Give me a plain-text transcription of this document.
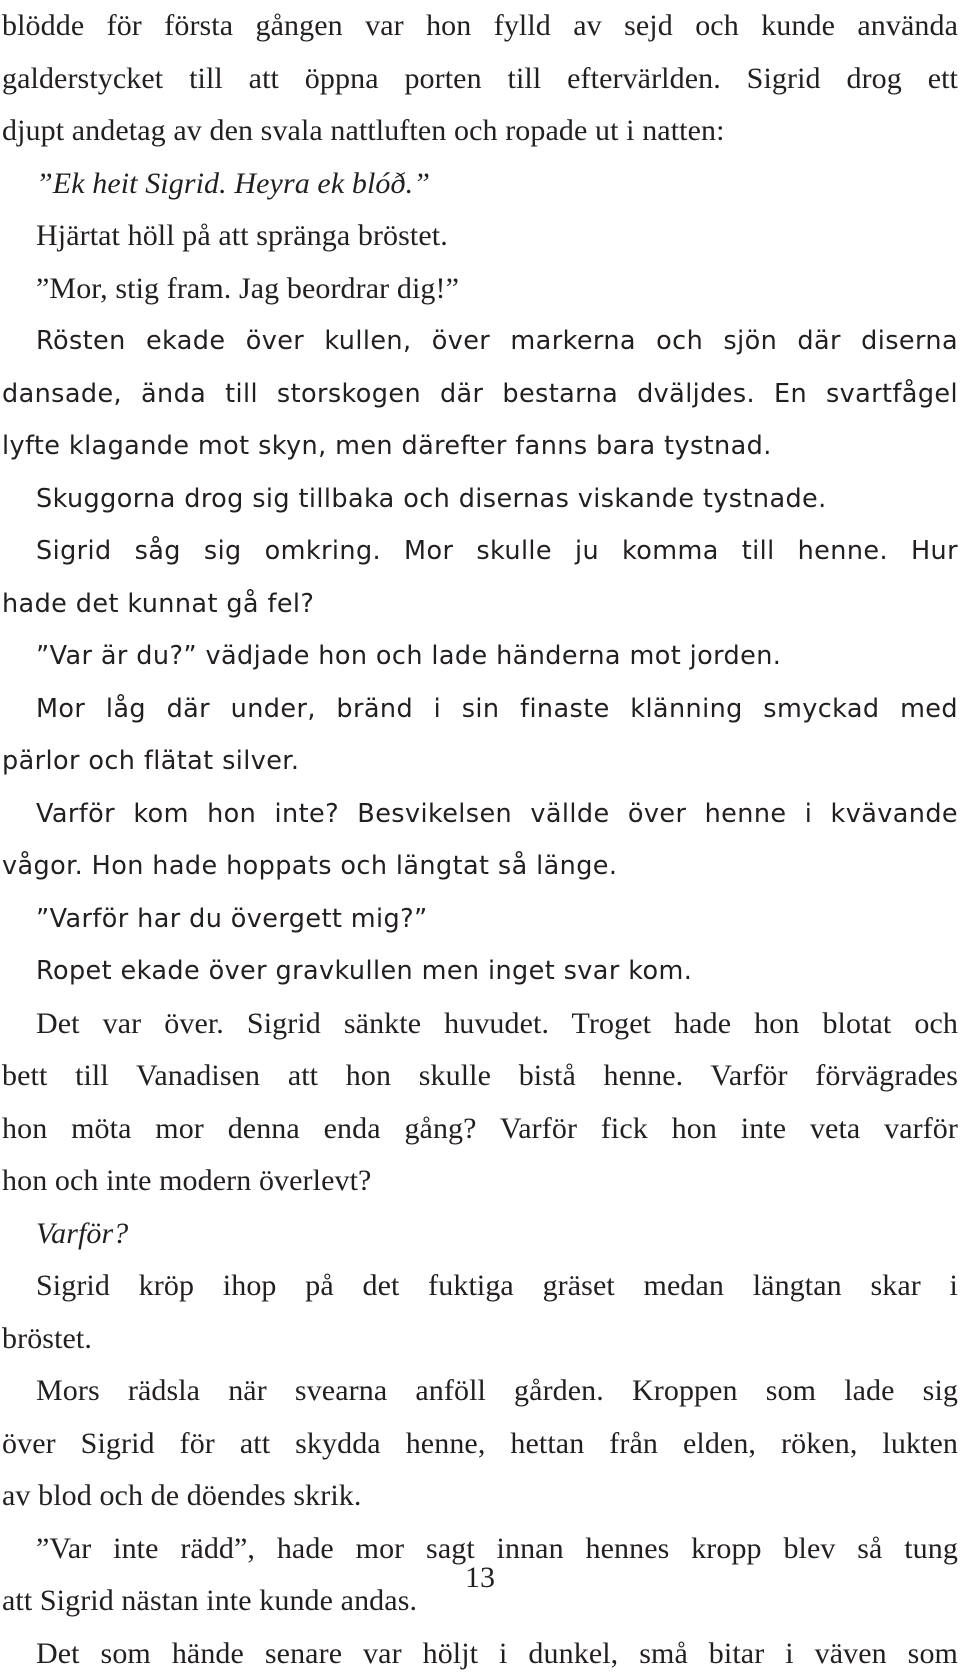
blödde för första gången var hon fylld av sejd och kunde använda
galderstycket till att öppna porten till eftervärlden. Sigrid drog ett
djupt andetag av den svala nattluften och ropade ut i natten:
”Ek heit Sigrid. Heyra ek blóð.”
Hjärtat höll på att spränga bröstet.
”Mor, stig fram. Jag beordrar dig!”
Rösten ekade över kullen, över markerna och sjön där diserna
dansade, ända till storskogen där bestarna dväljdes. En svartfågel
lyfte klagande mot skyn, men därefter fanns bara tystnad.
Skuggorna drog sig tillbaka och disernas viskande tystnade.
Sigrid såg sig omkring. Mor skulle ju komma till henne. Hur
hade det kunnat gå fel?
”Var är du?” vädjade hon och lade händerna mot jorden.
Mor låg där under, bränd i sin finaste klänning smyckad med
pärlor och flätat silver.
Varför kom hon inte? Besvikelsen vällde över henne i kvävande
vågor. Hon hade hoppats och längtat så länge.
”Varför har du övergett mig?”
Ropet ekade över gravkullen men inget svar kom.
Det var över. Sigrid sänkte huvudet. Troget hade hon blotat och
bett till Vanadisen att hon skulle bistå henne. Varför förvägrades
hon möta mor denna enda gång? Varför fick hon inte veta varför
hon och inte modern överlevt?
Varför?
Sigrid kröp ihop på det fuktiga gräset medan längtan skar i
bröstet.
Mors rädsla när svearna anföll gården. Kroppen som lade sig
över Sigrid för att skydda henne, hettan från elden, röken, lukten
av blod och de döendes skrik.
”Var inte rädd”, hade mor sagt innan hennes kropp blev så tung
att Sigrid nästan inte kunde andas.
Det som hände senare var höljt i dunkel, små bitar i väven som
13
